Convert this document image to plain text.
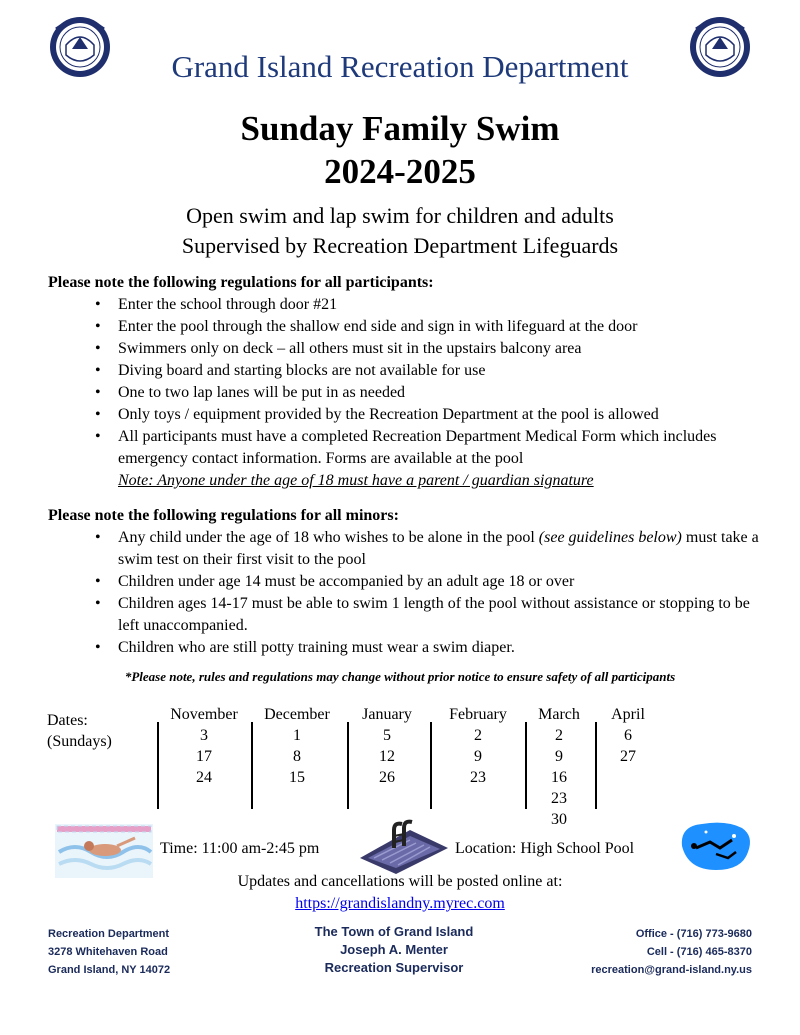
Grand Island Recreation Department
Sunday Family Swim
2024-2025
Open swim and lap swim for children and adults
Supervised by Recreation Department Lifeguards
Please note the following regulations for all participants:
• Enter the school through door #21
• Enter the pool through the shallow end side and sign in with lifeguard at the door
• Swimmers only on deck – all others must sit in the upstairs balcony area
• Diving board and starting blocks are not available for use
• One to two lap lanes will be put in as needed
• Only toys / equipment provided by the Recreation Department at the pool is allowed
• All participants must have a completed Recreation Department Medical Form which includes emergency contact information. Forms are available at the pool
Note: Anyone under the age of 18 must have a parent / guardian signature
Please note the following regulations for all minors:
• Any child under the age of 18 who wishes to be alone in the pool (see guidelines below) must take a swim test on their first visit to the pool
• Children under age 14 must be accompanied by an adult age 18 or over
• Children ages 14-17 must be able to swim 1 length of the pool without assistance or stopping to be left unaccompanied.
• Children who are still potty training must wear a swim diaper.
*Please note, rules and regulations may change without prior notice to ensure safety of all participants
Dates:
(Sundays)
November
3
17
24
December
1
8
15
January
5
12
26
February
2
9
23
March
2
9
16
23
30
April
6
27
Time: 11:00 am-2:45 pm	Location: High School Pool
Updates and cancellations will be posted online at:
https://grandislandny.myrec.com
Recreation Department
3278 Whitehaven Road
Grand Island, NY 14072
The Town of Grand Island
Joseph A. Menter
Recreation Supervisor
Office - (716) 773-9680
Cell - (716) 465-8370
recreation@grand-island.ny.us
